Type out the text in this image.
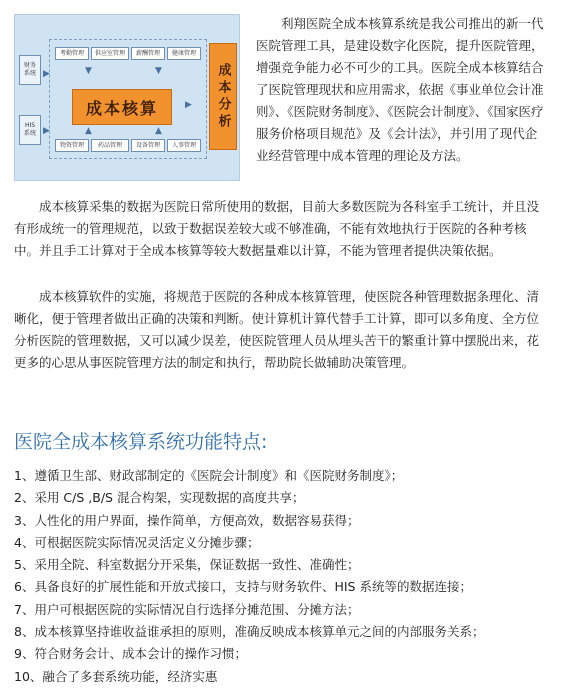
考勤管理	供应室管理	薪酬管理	健康管理
▼	▼
财务
系统
HIS
系统
▶
▶
成本核算	▶
▲	▲
物资管理	药品管理	设备管理	人事管理
成本分析

利翔医院全成本核算系统是我公司推出的新一代医院管理工具，是建设数字化医院，提升医院管理，增强竞争能力必不可少的工具。医院全成本核算结合了医院管理现状和应用需求，依据《事业单位会计准则》、《医院财务制度》、《医院会计制度》、《国家医疗服务价格项目规范》及《会计法》，并引用了现代企业经营管理中成本管理的理论及方法。

成本核算采集的数据为医院日常所使用的数据，目前大多数医院为各科室手工统计，并且没有形成统一的管理规范，以致于数据误差较大或不够准确，不能有效地执行于医院的各种考核中。并且手工计算对于全成本核算等较大数据量难以计算，不能为管理者提供决策依据。

成本核算软件的实施，将规范于医院的各种成本核算管理，使医院各种管理数据条理化、清晰化，便于管理者做出正确的决策和判断。使计算机计算代替手工计算，即可以多角度、全方位分析医院的管理数据，又可以减少误差，使医院管理人员从埋头苦干的繁重计算中摆脱出来，花更多的心思从事医院管理方法的制定和执行，帮助院长做辅助决策管理。

医院全成本核算系统功能特点:
1、遵循卫生部、财政部制定的《医院会计制度》和《医院财务制度》；
2、采用 C/S ,B/S 混合构架，实现数据的高度共享；
3、人性化的用户界面，操作简单，方便高效，数据容易获得；
4、可根据医院实际情况灵活定义分摊步骤；
5、采用全院、科室数据分开采集，保证数据一致性、准确性；
6、具备良好的扩展性能和开放式接口，支持与财务软件、HIS 系统等的数据连接；
7、用户可根据医院的实际情况自行选择分摊范围、分摊方法；
8、成本核算坚持谁收益谁承担的原则，准确反映成本核算单元之间的内部服务关系；
9、符合财务会计、成本会计的操作习惯；
10、融合了多套系统功能，经济实惠
